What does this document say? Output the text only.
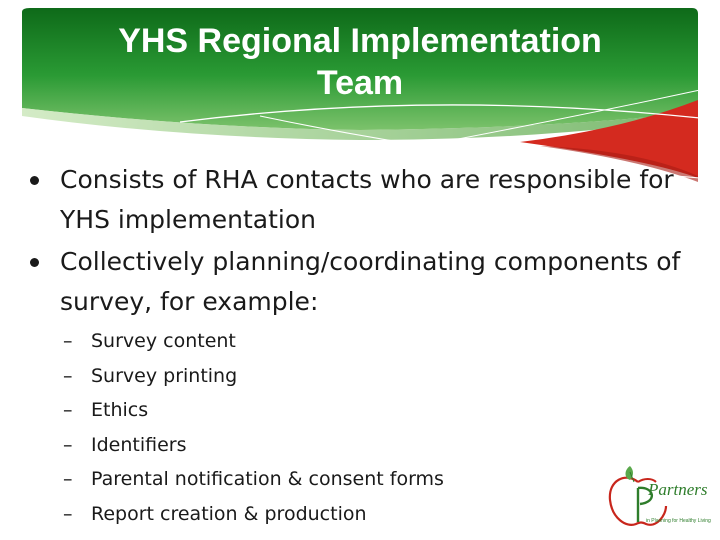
YHS Regional Implementation
Team
Consists of RHA contacts who are responsible for YHS implementation
Collectively planning/coordinating components of survey, for example:
– Survey content
– Survey printing
– Ethics
– Identifiers
– Parental notification & consent forms
– Report creation & production
Partners
in Planning for Healthy Living
